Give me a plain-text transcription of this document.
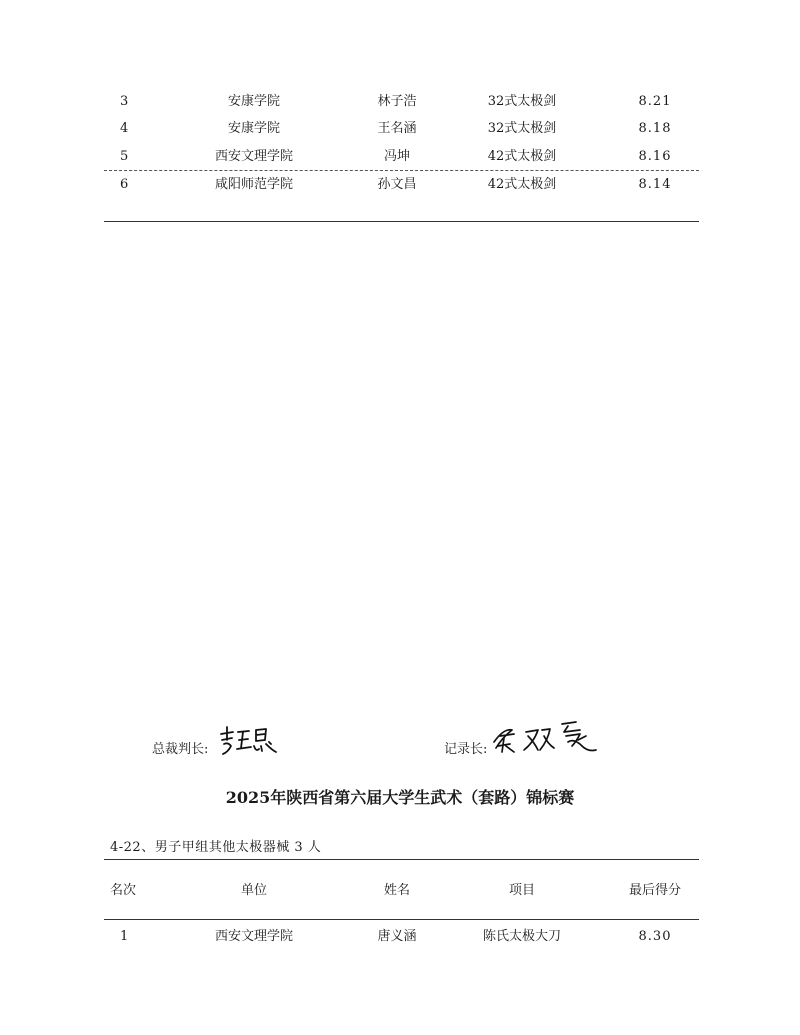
3	安康学院	林子浩	32式太极剑	8.21
4	安康学院	王名涵	32式太极剑	8.18
5	西安文理学院	冯坤	42式太极剑	8.16
6	咸阳师范学院	孙文昌	42式太极剑	8.14
总裁判长:	记录长:
2025年陕西省第六届大学生武术（套路）锦标赛
4-22、男子甲组其他太极器械 3 人
名次	单位	姓名	项目	最后得分
1	西安文理学院	唐义涵	陈氏太极大刀	8.30
